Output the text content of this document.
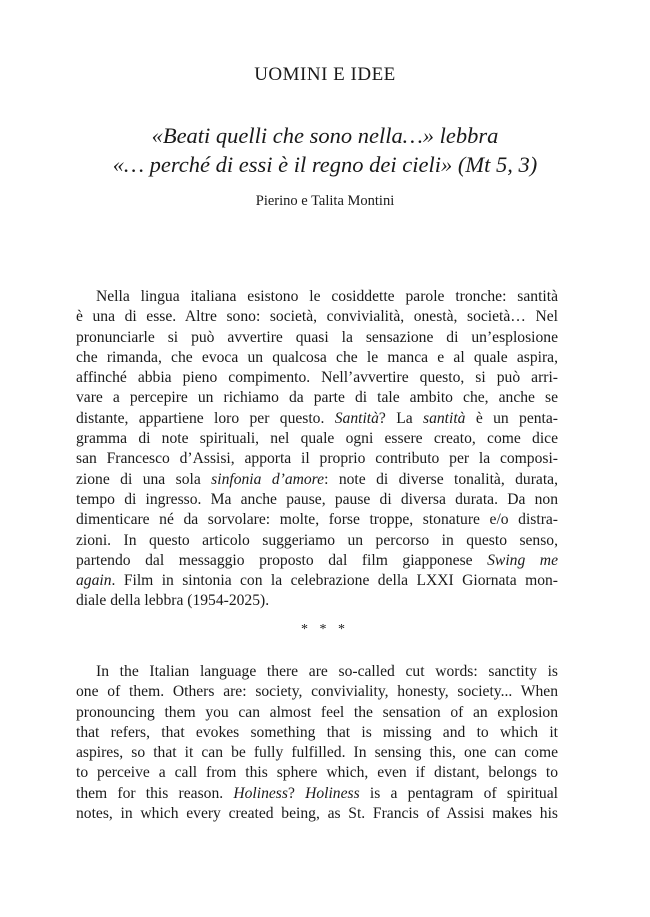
UOMINI E IDEE
«Beati quelli che sono nella…» lebbra
«… perché di essi è il regno dei cieli» (Mt 5, 3)
Pierino e Talita Montini
Nella lingua italiana esistono le cosiddette parole tronche: santità
è una di esse. Altre sono: società, convivialità, onestà, società… Nel
pronunciarle si può avvertire quasi la sensazione di un’esplosione
che rimanda, che evoca un qualcosa che le manca e al quale aspira,
affinché abbia pieno compimento. Nell’avvertire questo, si può arri-
vare a percepire un richiamo da parte di tale ambito che, anche se
distante, appartiene loro per questo. Santità? La santità è un penta-
gramma di note spirituali, nel quale ogni essere creato, come dice
san Francesco d’Assisi, apporta il proprio contributo per la composi-
zione di una sola sinfonia d’amore: note di diverse tonalità, durata,
tempo di ingresso. Ma anche pause, pause di diversa durata. Da non
dimenticare né da sorvolare: molte, forse troppe, stonature e/o distra-
zioni. In questo articolo suggeriamo un percorso in questo senso,
partendo dal messaggio proposto dal film giapponese Swing me
again. Film in sintonia con la celebrazione della LXXI Giornata mon-
diale della lebbra (1954-2025).
* * *
In the Italian language there are so-called cut words: sanctity is
one of them. Others are: society, conviviality, honesty, society... When
pronouncing them you can almost feel the sensation of an explosion
that refers, that evokes something that is missing and to which it
aspires, so that it can be fully fulfilled. In sensing this, one can come
to perceive a call from this sphere which, even if distant, belongs to
them for this reason. Holiness? Holiness is a pentagram of spiritual
notes, in which every created being, as St. Francis of Assisi makes his
